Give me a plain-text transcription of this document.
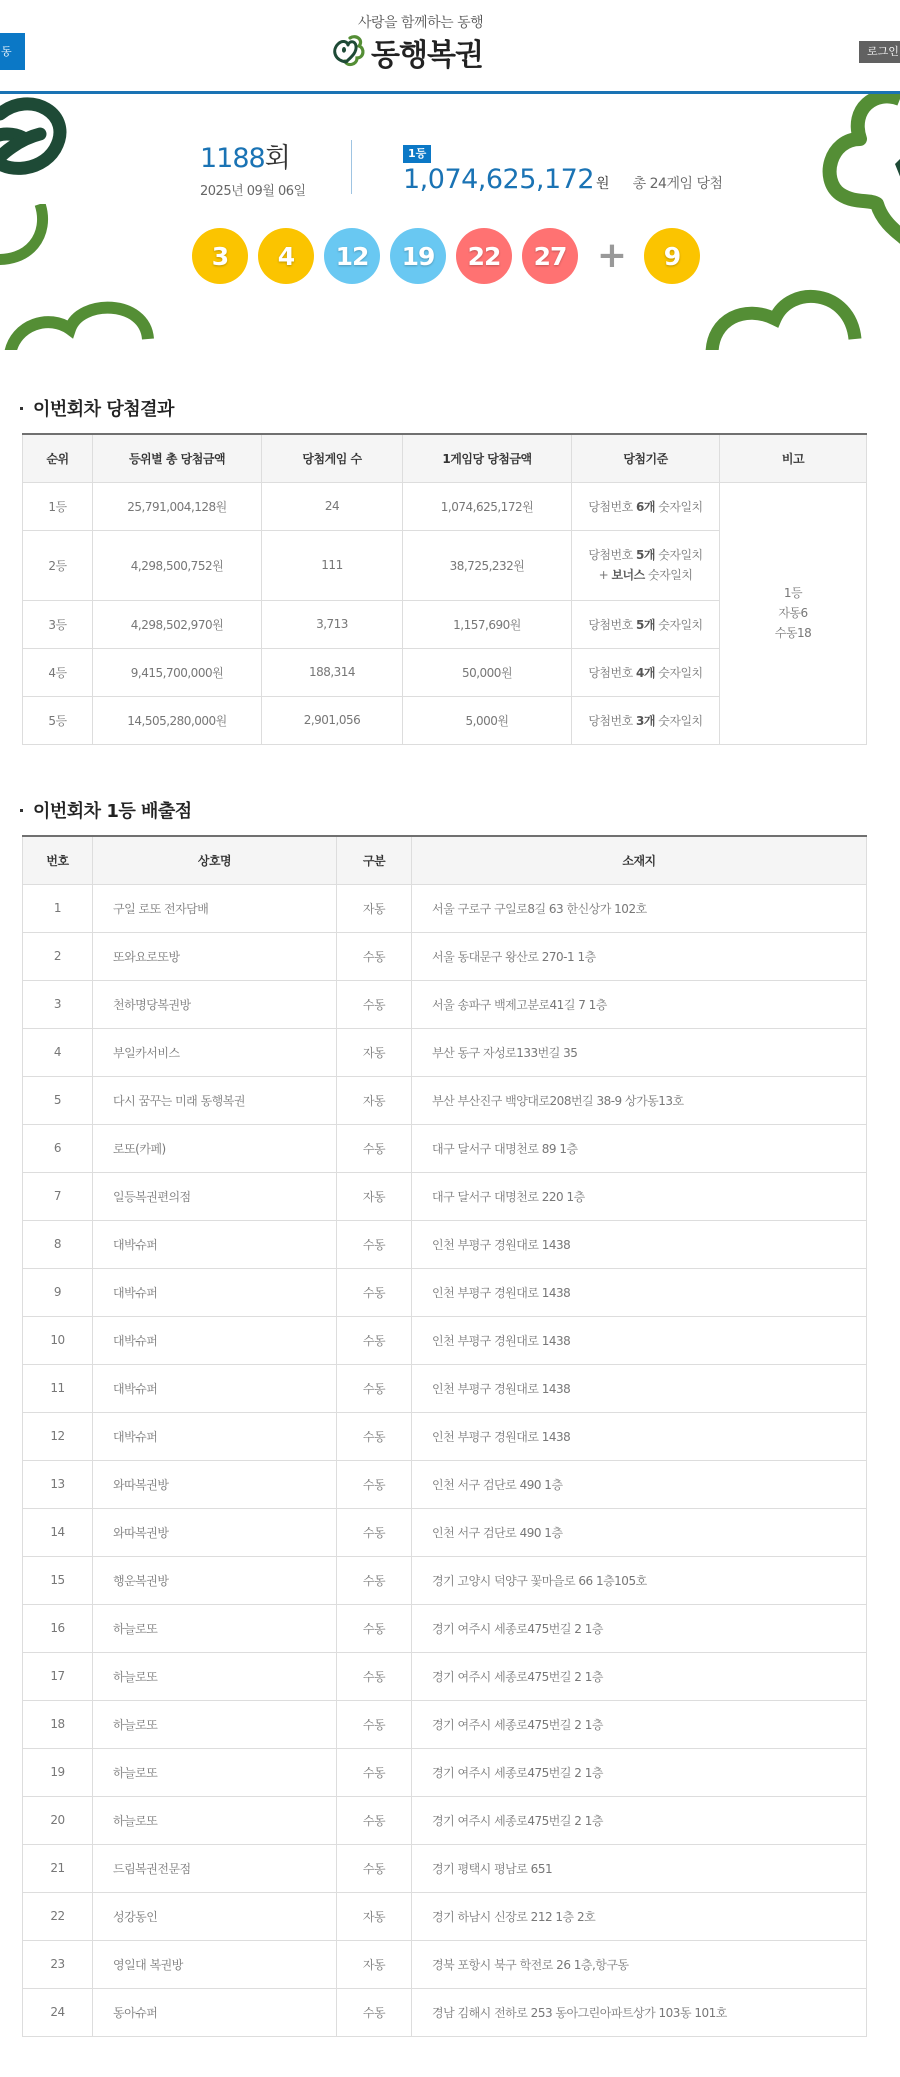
동
사랑을 함께하는 동행
동행복권	로그인
1188회
2025년 09월 06일
1등
1,074,625,172 원 총 24게임 당첨
3	4	12	19	22	27 +	9
이번회차 당첨결과
순위	등위별 총 당첨금액	당첨게임 수	1게임당 당첨금액	당첨기준	비고
1등	25,791,004,128원	24	1,074,625,172원	당첨번호 6개 숫자일치	1등
자동6
수동18

2등	4,298,500,752원	111	38,725,232원	당첨번호 5개 숫자일치
+ 보너스 숫자일치	

3등	4,298,502,970원	3,713	1,157,690원	당첨번호 5개 숫자일치	
4등	9,415,700,000원	188,314	50,000원	당첨번호 4개 숫자일치	
5등	14,505,280,000원	2,901,056	5,000원	당첨번호 3개 숫자일치	
이번회차 1등 배출점
번호	상호명	구분	소재지
1	구일 로또 전자담배	자동	서울 구로구 구일로8길 63 한신상가 102호
2	또와요로또방	수동	서울 동대문구 왕산로 270-1 1층
3	천하명당복권방	수동	서울 송파구 백제고분로41길 7 1층
4	부일카서비스	자동	부산 동구 자성로133번길 35
5	다시 꿈꾸는 미래 동행복권	자동	부산 부산진구 백양대로208번길 38-9 상가동13호
6	로또(카페)	수동	대구 달서구 대명천로 89 1층
7	일등복권편의점	자동	대구 달서구 대명천로 220 1층
8	대박슈퍼	수동	인천 부평구 경원대로 1438
9	대박슈퍼	수동	인천 부평구 경원대로 1438
10	대박슈퍼	수동	인천 부평구 경원대로 1438
11	대박슈퍼	수동	인천 부평구 경원대로 1438
12	대박슈퍼	수동	인천 부평구 경원대로 1438
13	와따복권방	수동	인천 서구 검단로 490 1층
14	와따복권방	수동	인천 서구 검단로 490 1층
15	행운복권방	수동	경기 고양시 덕양구 꽃마을로 66 1층105호
16	하늘로또	수동	경기 여주시 세종로475번길 2 1층
17	하늘로또	수동	경기 여주시 세종로475번길 2 1층
18	하늘로또	수동	경기 여주시 세종로475번길 2 1층
19	하늘로또	수동	경기 여주시 세종로475번길 2 1층
20	하늘로또	수동	경기 여주시 세종로475번길 2 1층
21	드림복권전문점	수동	경기 평택시 평남로 651
22	성강동인	자동	경기 하남시 신장로 212 1층 2호
23	영일대 복권방	자동	경북 포항시 북구 학전로 26 1층,항구동
24	동아슈퍼	수동	경남 김해시 전하로 253 동아그린아파트상가 103동 101호
